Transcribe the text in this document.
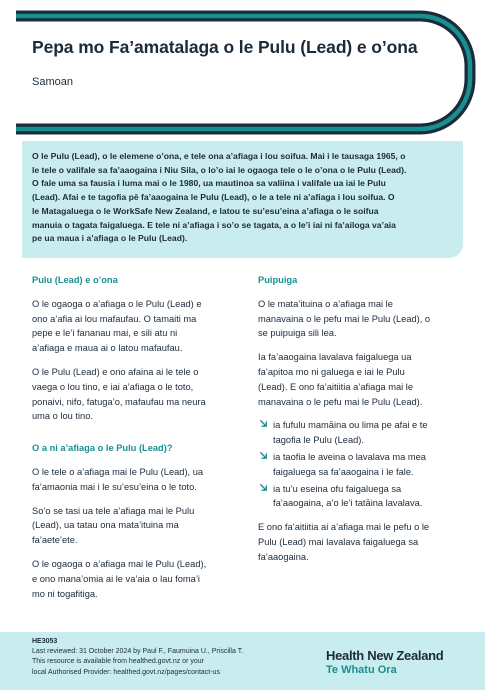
Pepa mo Fa’amatalaga o le Pulu (Lead) e o’ona
Samoan
O le Pulu (Lead), o le elemene o’ona, e tele ona a’afiaga i lou soifua. Mai i le tausaga 1965, o
le tele o valifale sa fa’aaogaina i Niu Sila, o lo’o iai le ogaoga tele o le o’ona o le Pulu (Lead).
O fale uma sa fausia i luma mai o le 1980, ua mautinoa sa valiina i valifale ua iai le Pulu
(Lead). Afai e te tagofia pē fa’aaogaina le Pulu (Lead), o le a tele ni a’afiaga i lou soifua. O
le Matagaluega o le WorkSafe New Zealand, e latou te su’esu’eina a’afiaga o le soifua
manuia o tagata faigaluega. E tele ni a’afiaga i so’o se tagata, a o le’i iai ni fa’ailoga va’aia
pe ua maua i a’afiaga o le Pulu (Lead).
Pulu (Lead) e o’ona
O le ogaoga o a’afiaga o le Pulu (Lead) e
ono a’afia ai lou mafaufau. O tamaiti ma
pepe e le’i fananau mai, e sili atu ni
a’afiaga e maua ai o latou mafaufau.
O le Pulu (Lead) e ono afaina ai le tele o
vaega o lou tino, e iai a’afiaga o le toto,
ponaivi, nifo, fatuga’o, mafaufau ma neura
uma o lou tino.
O a ni a’afiaga o le Pulu (Lead)?
O le tele o a’afiaga mai le Pulu (Lead), ua
fa’amaonia mai i le su’esu’eina o le toto.
So’o se tasi ua tele a’afiaga mai le Pulu
(Lead), ua tatau ona mata’ituina ma
fa’aete’ete.
O le ogaoga o a’afiaga mai le Pulu (Lead),
e ono mana’omia ai le va’aia o lau foma’i
mo ni togafitiga.
Puipuiga
O le mata’ituina o a’afiaga mai le
manavaina o le pefu mai le Pulu (Lead), o
se puipuiga sili lea.
Ia fa’aaogaina lavalava faigaluega ua
fa’apitoa mo ni galuega e iai le Pulu
(Lead). E ono fa’aitiitia a’afiaga mai le
manavaina o le pefu mai le Pulu (Lead).
ia fufulu mamāina ou lima pe afai e te
tagofia le Pulu (Lead).
ia taofia le aveina o lavalava ma mea
faigaluega sa fa’aaogaina i le fale.
ia tu’u eseina ofu faigaluega sa
fa’aaogaina, a’o le’i tatāina lavalava.
E ono fa’aitiitia ai a’afiaga mai le pefu o le
Pulu (Lead) mai lavalava faigaluega sa
fa’aaogaina.
HE3053
Last reviewed: 31 October 2024 by Paul F., Faumuina U., Priscilla T.
This resource is available from healthed.govt.nz or your
local Authorised Provider: healthed.govt.nz/pages/contact-us
Health New Zealand
Te Whatu Ora
